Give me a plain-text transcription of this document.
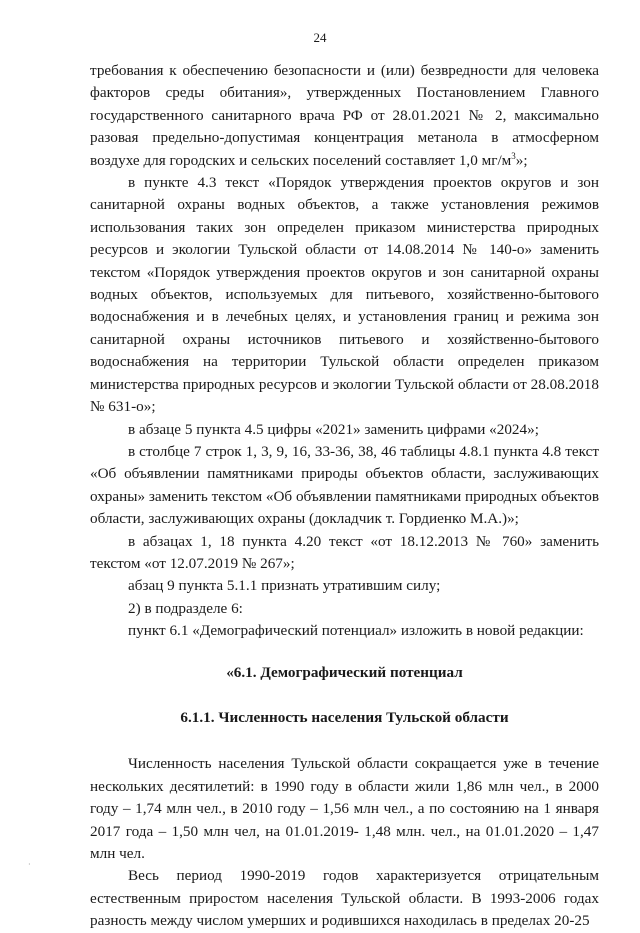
24

требования к обеспечению безопасности и (или) безвредности для человека факторов среды обитания», утвержденных Постановлением Главного государственного санитарного врача РФ от 28.01.2021 № 2, максимально разовая предельно-допустимая концентрация метанола в атмосферном воздухе для городских и сельских поселений составляет 1,0 $мг/м^3$»;

в пункте 4.3 текст «Порядок утверждения проектов округов и зон санитарной охраны водных объектов, а также установления режимов использования таких зон определен приказом министерства природных ресурсов и экологии Тульской области от 14.08.2014 № 140-о» заменить текстом «Порядок утверждения проектов округов и зон санитарной охраны водных объектов, используемых для питьевого, хозяйственно-бытового водоснабжения и в лечебных целях, и установления границ и режима зон санитарной охраны источников питьевого и хозяйственно-бытового водоснабжения на территории Тульской области определен приказом министерства природных ресурсов и экологии Тульской области от 28.08.2018 № 631-о»;

в абзаце 5 пункта 4.5 цифры «2021» заменить цифрами «2024»;

в столбце 7 строк 1, 3, 9, 16, 33-36, 38, 46 таблицы 4.8.1 пункта 4.8 текст «Об объявлении памятниками природы объектов области, заслуживающих охраны» заменить текстом «Об объявлении памятниками природных объектов области, заслуживающих охраны (докладчик т. Гордиенко М.А.)»;

в абзацах 1, 18 пункта 4.20 текст «от 18.12.2013 № 760» заменить текстом «от 12.07.2019 № 267»;

абзац 9 пункта 5.1.1 признать утратившим силу;

2) в подразделе 6:

пункт 6.1 «Демографический потенциал» изложить в новой редакции:

«6.1. Демографический потенциал
6.1.1. Численность населения Тульской области

Численность населения Тульской области сокращается уже в течение нескольких десятилетий: в 1990 году в области жили 1,86 млн чел., в 2000 году – 1,74 млн чел., в 2010 году – 1,56 млн чел., а по состоянию на 1 января 2017 года – 1,50 млн чел, на 01.01.2019- 1,48 млн. чел., на 01.01.2020 – 1,47 млн чел.

Весь период 1990-2019 годов характеризуется отрицательным естественным приростом населения Тульской области. В 1993-2006 годах разность между числом умерших и родившихся находилась в пределах 20-25

·
